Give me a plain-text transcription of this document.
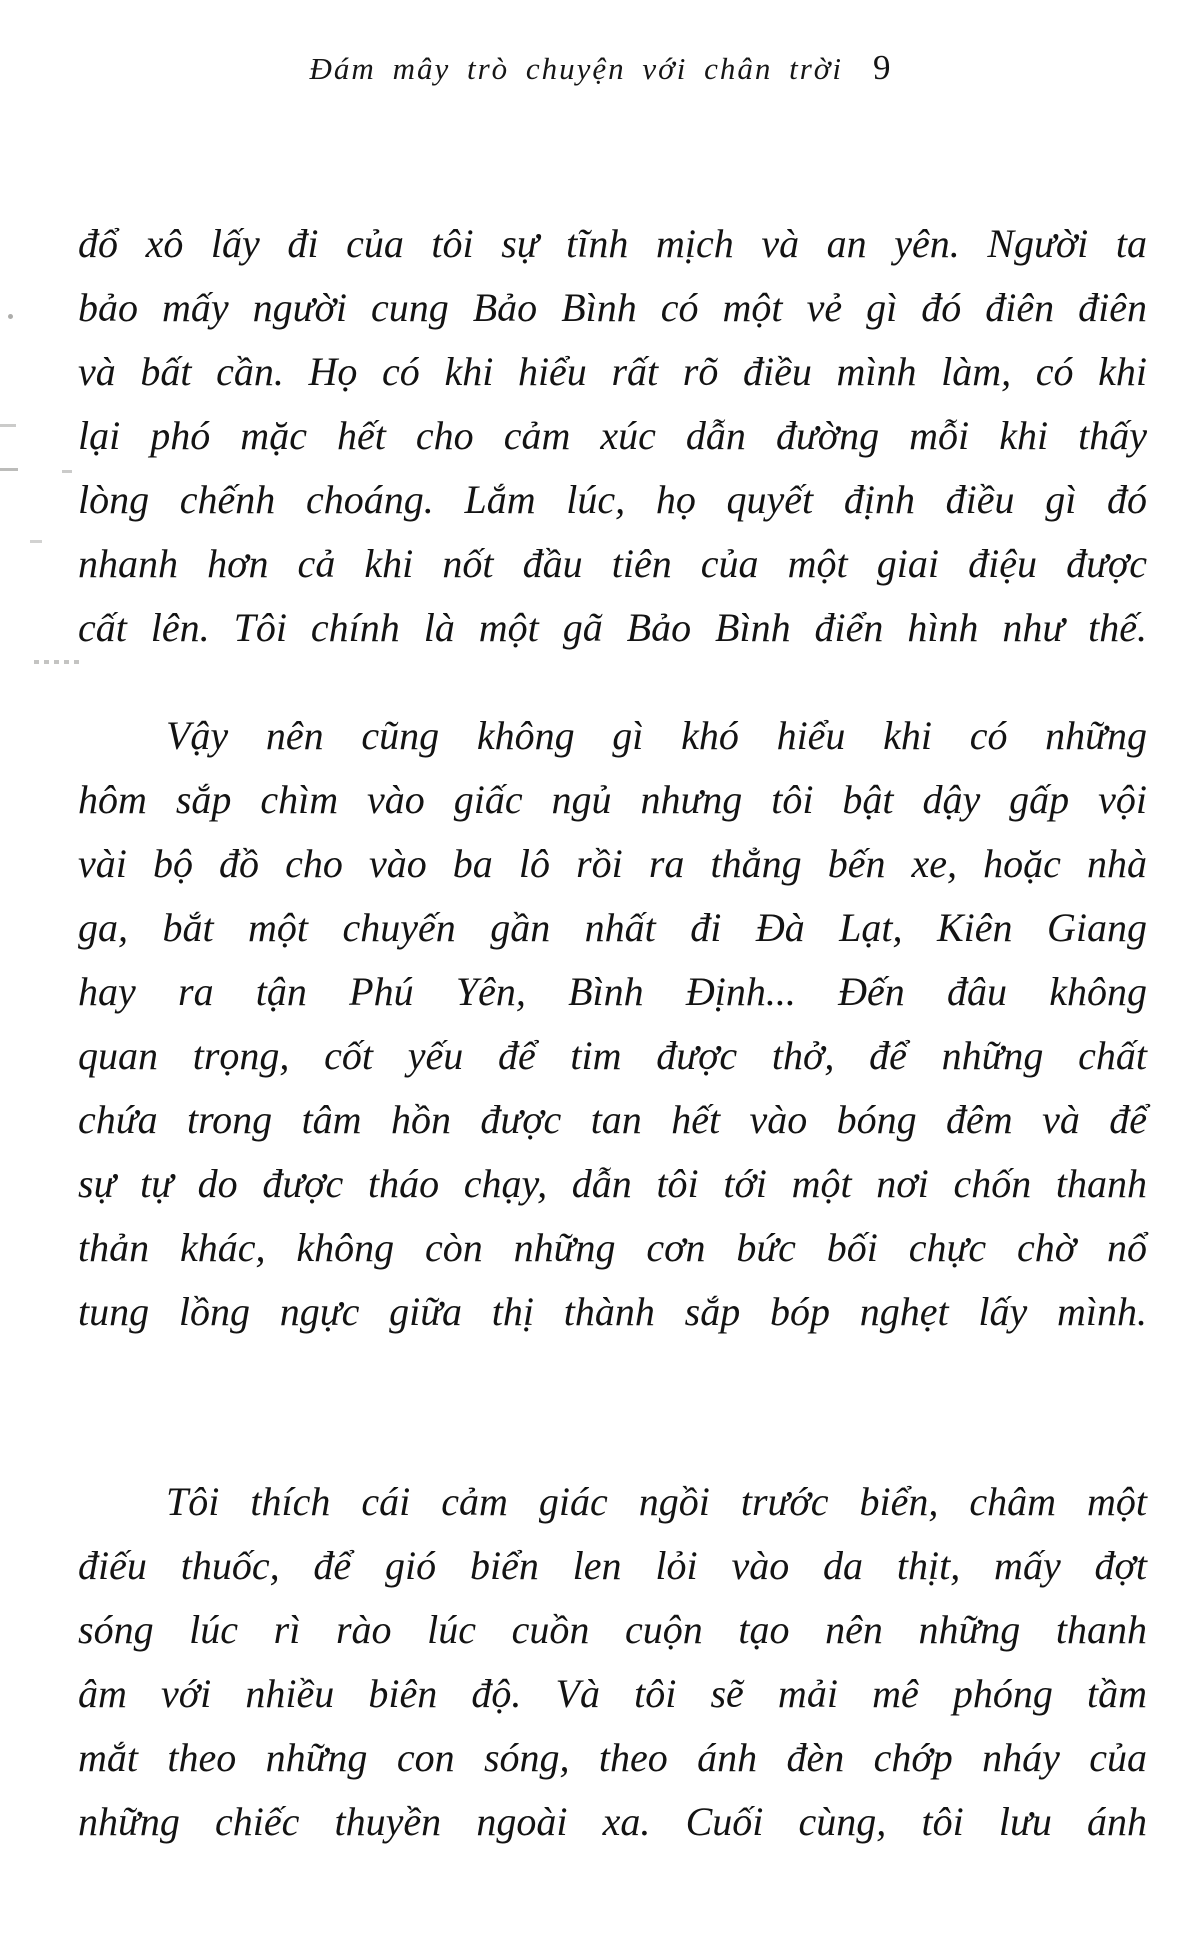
Đám mây trò chuyện với chân trời 9
đổ xô lấy đi của tôi sự tĩnh mịch và an yên. Người ta
bảo mấy người cung Bảo Bình có một vẻ gì đó điên điên
và bất cần. Họ có khi hiểu rất rõ điều mình làm, có khi
lại phó mặc hết cho cảm xúc dẫn đường mỗi khi thấy
lòng chếnh choáng. Lắm lúc, họ quyết định điều gì đó
nhanh hơn cả khi nốt đầu tiên của một giai điệu được
cất lên. Tôi chính là một gã Bảo Bình điển hình như thế.
Vậy nên cũng không gì khó hiểu khi có những
hôm sắp chìm vào giấc ngủ nhưng tôi bật dậy gấp vội
vài bộ đồ cho vào ba lô rồi ra thẳng bến xe, hoặc nhà
ga, bắt một chuyến gần nhất đi Đà Lạt, Kiên Giang
hay ra tận Phú Yên, Bình Định... Đến đâu không
quan trọng, cốt yếu để tim được thở, để những chất
chứa trong tâm hồn được tan hết vào bóng đêm và để
sự tự do được tháo chạy, dẫn tôi tới một nơi chốn thanh
thản khác, không còn những cơn bức bối chực chờ nổ
tung lồng ngực giữa thị thành sắp bóp nghẹt lấy mình.
Tôi thích cái cảm giác ngồi trước biển, châm một
điếu thuốc, để gió biển len lỏi vào da thịt, mấy đợt
sóng lúc rì rào lúc cuồn cuộn tạo nên những thanh
âm với nhiều biên độ. Và tôi sẽ mải mê phóng tầm
mắt theo những con sóng, theo ánh đèn chớp nháy của
những chiếc thuyền ngoài xa. Cuối cùng, tôi lưu ánh
